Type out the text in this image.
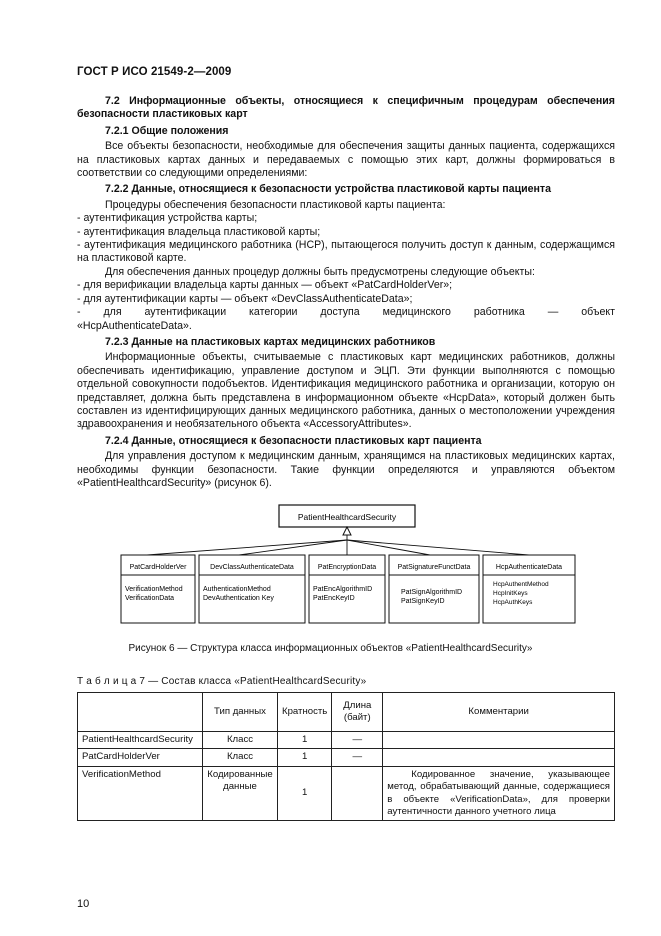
ГОСТ Р ИСО 21549-2—2009

7.2 Информационные объекты, относящиеся к специфичным процедурам обеспечения безопасности пластиковых карт

7.2.1 Общие положения

Все объекты безопасности, необходимые для обеспечения защиты данных пациента, содержащихся на пластиковых картах данных и передаваемых с помощью этих карт, должны формироваться в соответствии со следующими определениями:

7.2.2 Данные, относящиеся к безопасности устройства пластиковой карты пациента

Процедуры обеспечения безопасности пластиковой карты пациента:

- аутентификация устройства карты;

- аутентификация владельца пластиковой карты;

- аутентификация медицинского работника (HCP), пытающегося получить доступ к данным, содержащимся на пластиковой карте.

Для обеспечения данных процедур должны быть предусмотрены следующие объекты:

- для верификации владельца карты данных — объект «PatCardHolderVer»;

- для аутентификации карты — объект «DevClassAuthenticateData»;

- для аутентификации категории доступа медицинского работника — объект

«HcpAuthenticateData».

7.2.3 Данные на пластиковых картах медицинских работников

Информационные объекты, считываемые с пластиковых карт медицинских работников, должны обеспечивать идентификацию, управление доступом и ЭЦП. Эти функции выполняются с помощью отдельной совокупности подобъектов. Идентификация медицинского работника и организации, которую он представляет, должна быть представлена в информационном объекте «HcpData», который должен быть составлен из идентифицирующих данных медицинского работника, данных о местоположении учреждения здравоохранения и необязательного объекта «AccessoryAttributes».

7.2.4 Данные, относящиеся к безопасности пластиковых карт пациента

Для управления доступом к медицинским данным, хранящимся на пластиковых медицинских картах, необходимы функции безопасности. Такие функции определяются и управляются объектом «PatientHealthcardSecurity» (рисунок 6).

PatientHealthcardSecurity
PatCardHolderVer
VerificationMethod
VerificationData
DevClassAuthenticateData
AuthenticationMethod
DevAuthentication Key
PatEncryptionData
PatEncAlgorithmID
PatEncKeyID
PatSignatureFunctData
PatSignAlgorithmID
PatSignKeyID
HcpAuthenticateData
HcpAuthentMethod
HcpInitKeys
HcpAuthKeys
Рисунок 6 — Структура класса информационных объектов «PatientHealthcardSecurity»
Т а б л и ц а 7 — Состав класса «PatientHealthcardSecurity»
	Тип данных	Кратность	Длина (байт)	Комментарии
PatientHealthcardSecurity	Класс	1	—	
PatCardHolderVer	Класс	1	—	
VerificationMethod	Кодированные данные	1		Кодированное значение, указывающее метод, обрабатывающий данные, содержащиеся в объекте «VerificationData», для проверки аутентичности данного учетного лица
10
